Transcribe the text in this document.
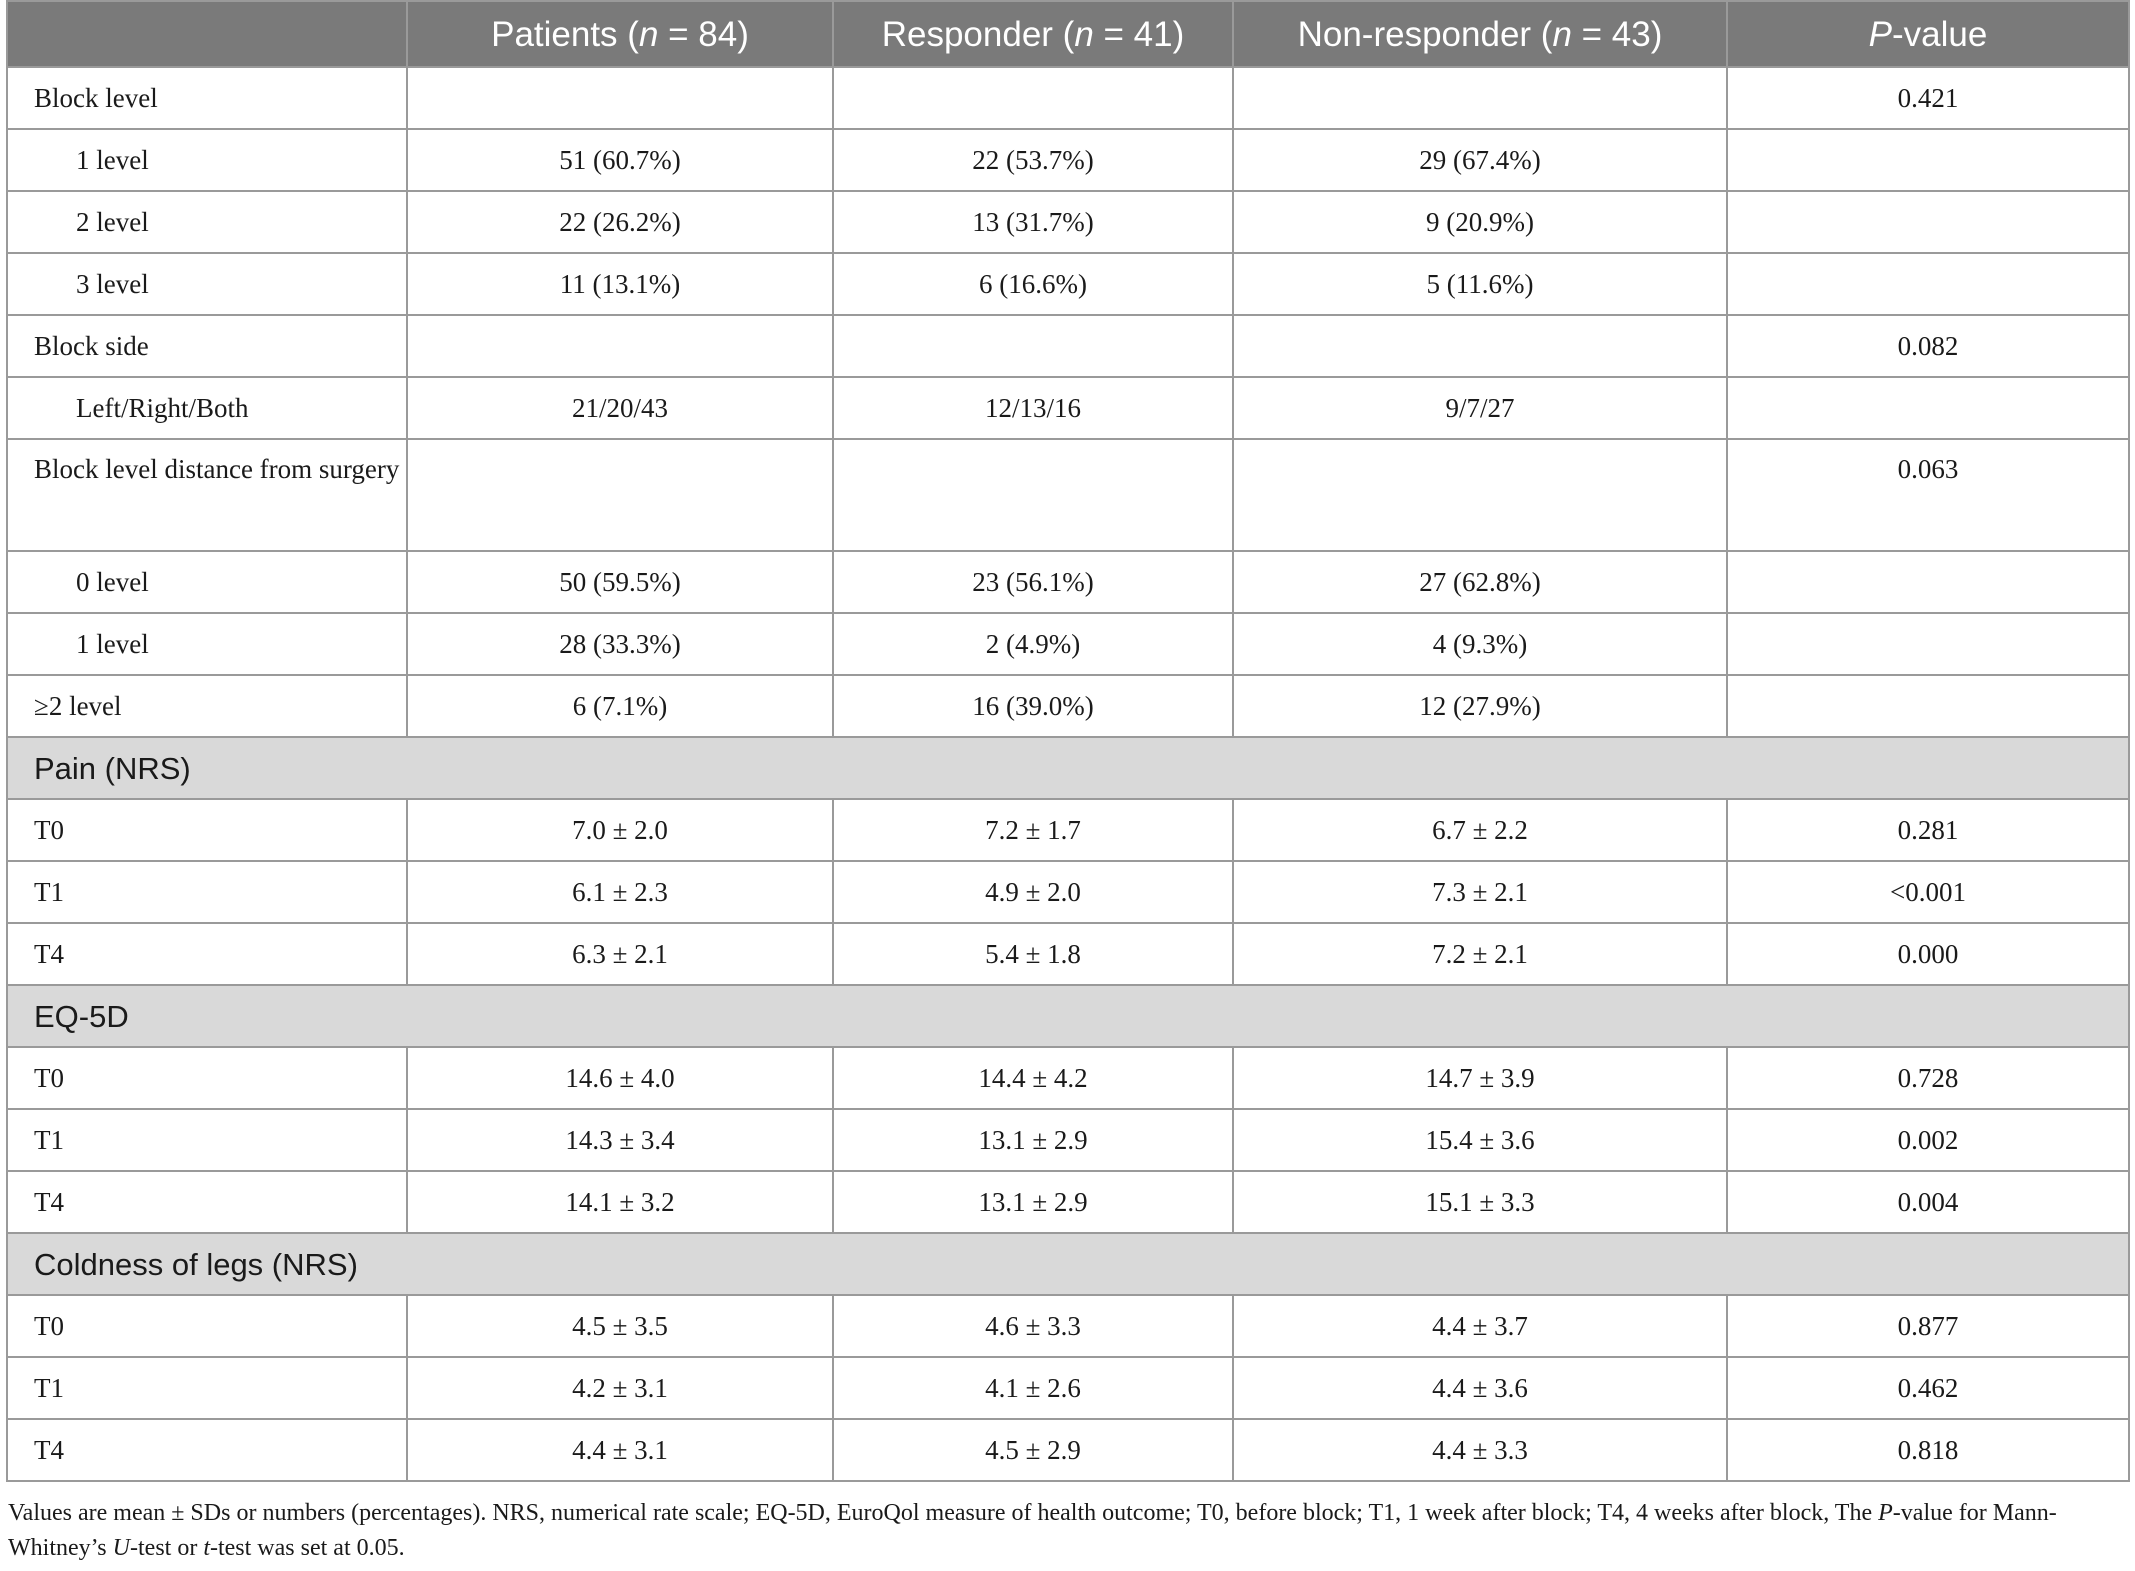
	Patients (n = 84)	Responder (n = 41)	Non-responder (n = 43)	P-value
Block level				0.421
1 level	51 (60.7%)	22 (53.7%)	29 (67.4%)	
2 level	22 (26.2%)	13 (31.7%)	9 (20.9%)	
3 level	11 (13.1%)	6 (16.6%)	5 (11.6%)	
Block side				0.082
Left/Right/Both	21/20/43	12/13/16	9/7/27	
Block level distance from surgery				0.063
0 level	50 (59.5%)	23 (56.1%)	27 (62.8%)	
1 level	28 (33.3%)	2 (4.9%)	4 (9.3%)	
≥2 level	6 (7.1%)	16 (39.0%)	12 (27.9%)	
Pain (NRS)				
T0	7.0 ± 2.0	7.2 ± 1.7	6.7 ± 2.2	0.281
T1	6.1 ± 2.3	4.9 ± 2.0	7.3 ± 2.1	<0.001
T4	6.3 ± 2.1	5.4 ± 1.8	7.2 ± 2.1	0.000
EQ-5D				
T0	14.6 ± 4.0	14.4 ± 4.2	14.7 ± 3.9	0.728
T1	14.3 ± 3.4	13.1 ± 2.9	15.4 ± 3.6	0.002
T4	14.1 ± 3.2	13.1 ± 2.9	15.1 ± 3.3	0.004
Coldness of legs (NRS)				
T0	4.5 ± 3.5	4.6 ± 3.3	4.4 ± 3.7	0.877
T1	4.2 ± 3.1	4.1 ± 2.6	4.4 ± 3.6	0.462
T4	4.4 ± 3.1	4.5 ± 2.9	4.4 ± 3.3	0.818
Values are mean ± SDs or numbers (percentages). NRS, numerical rate scale; EQ-5D, EuroQol measure of health outcome; T0, before block; T1, 1 week after block; T4, 4 weeks after block, The P-value for Mann-Whitney’s U-test or t-test was set at 0.05.
